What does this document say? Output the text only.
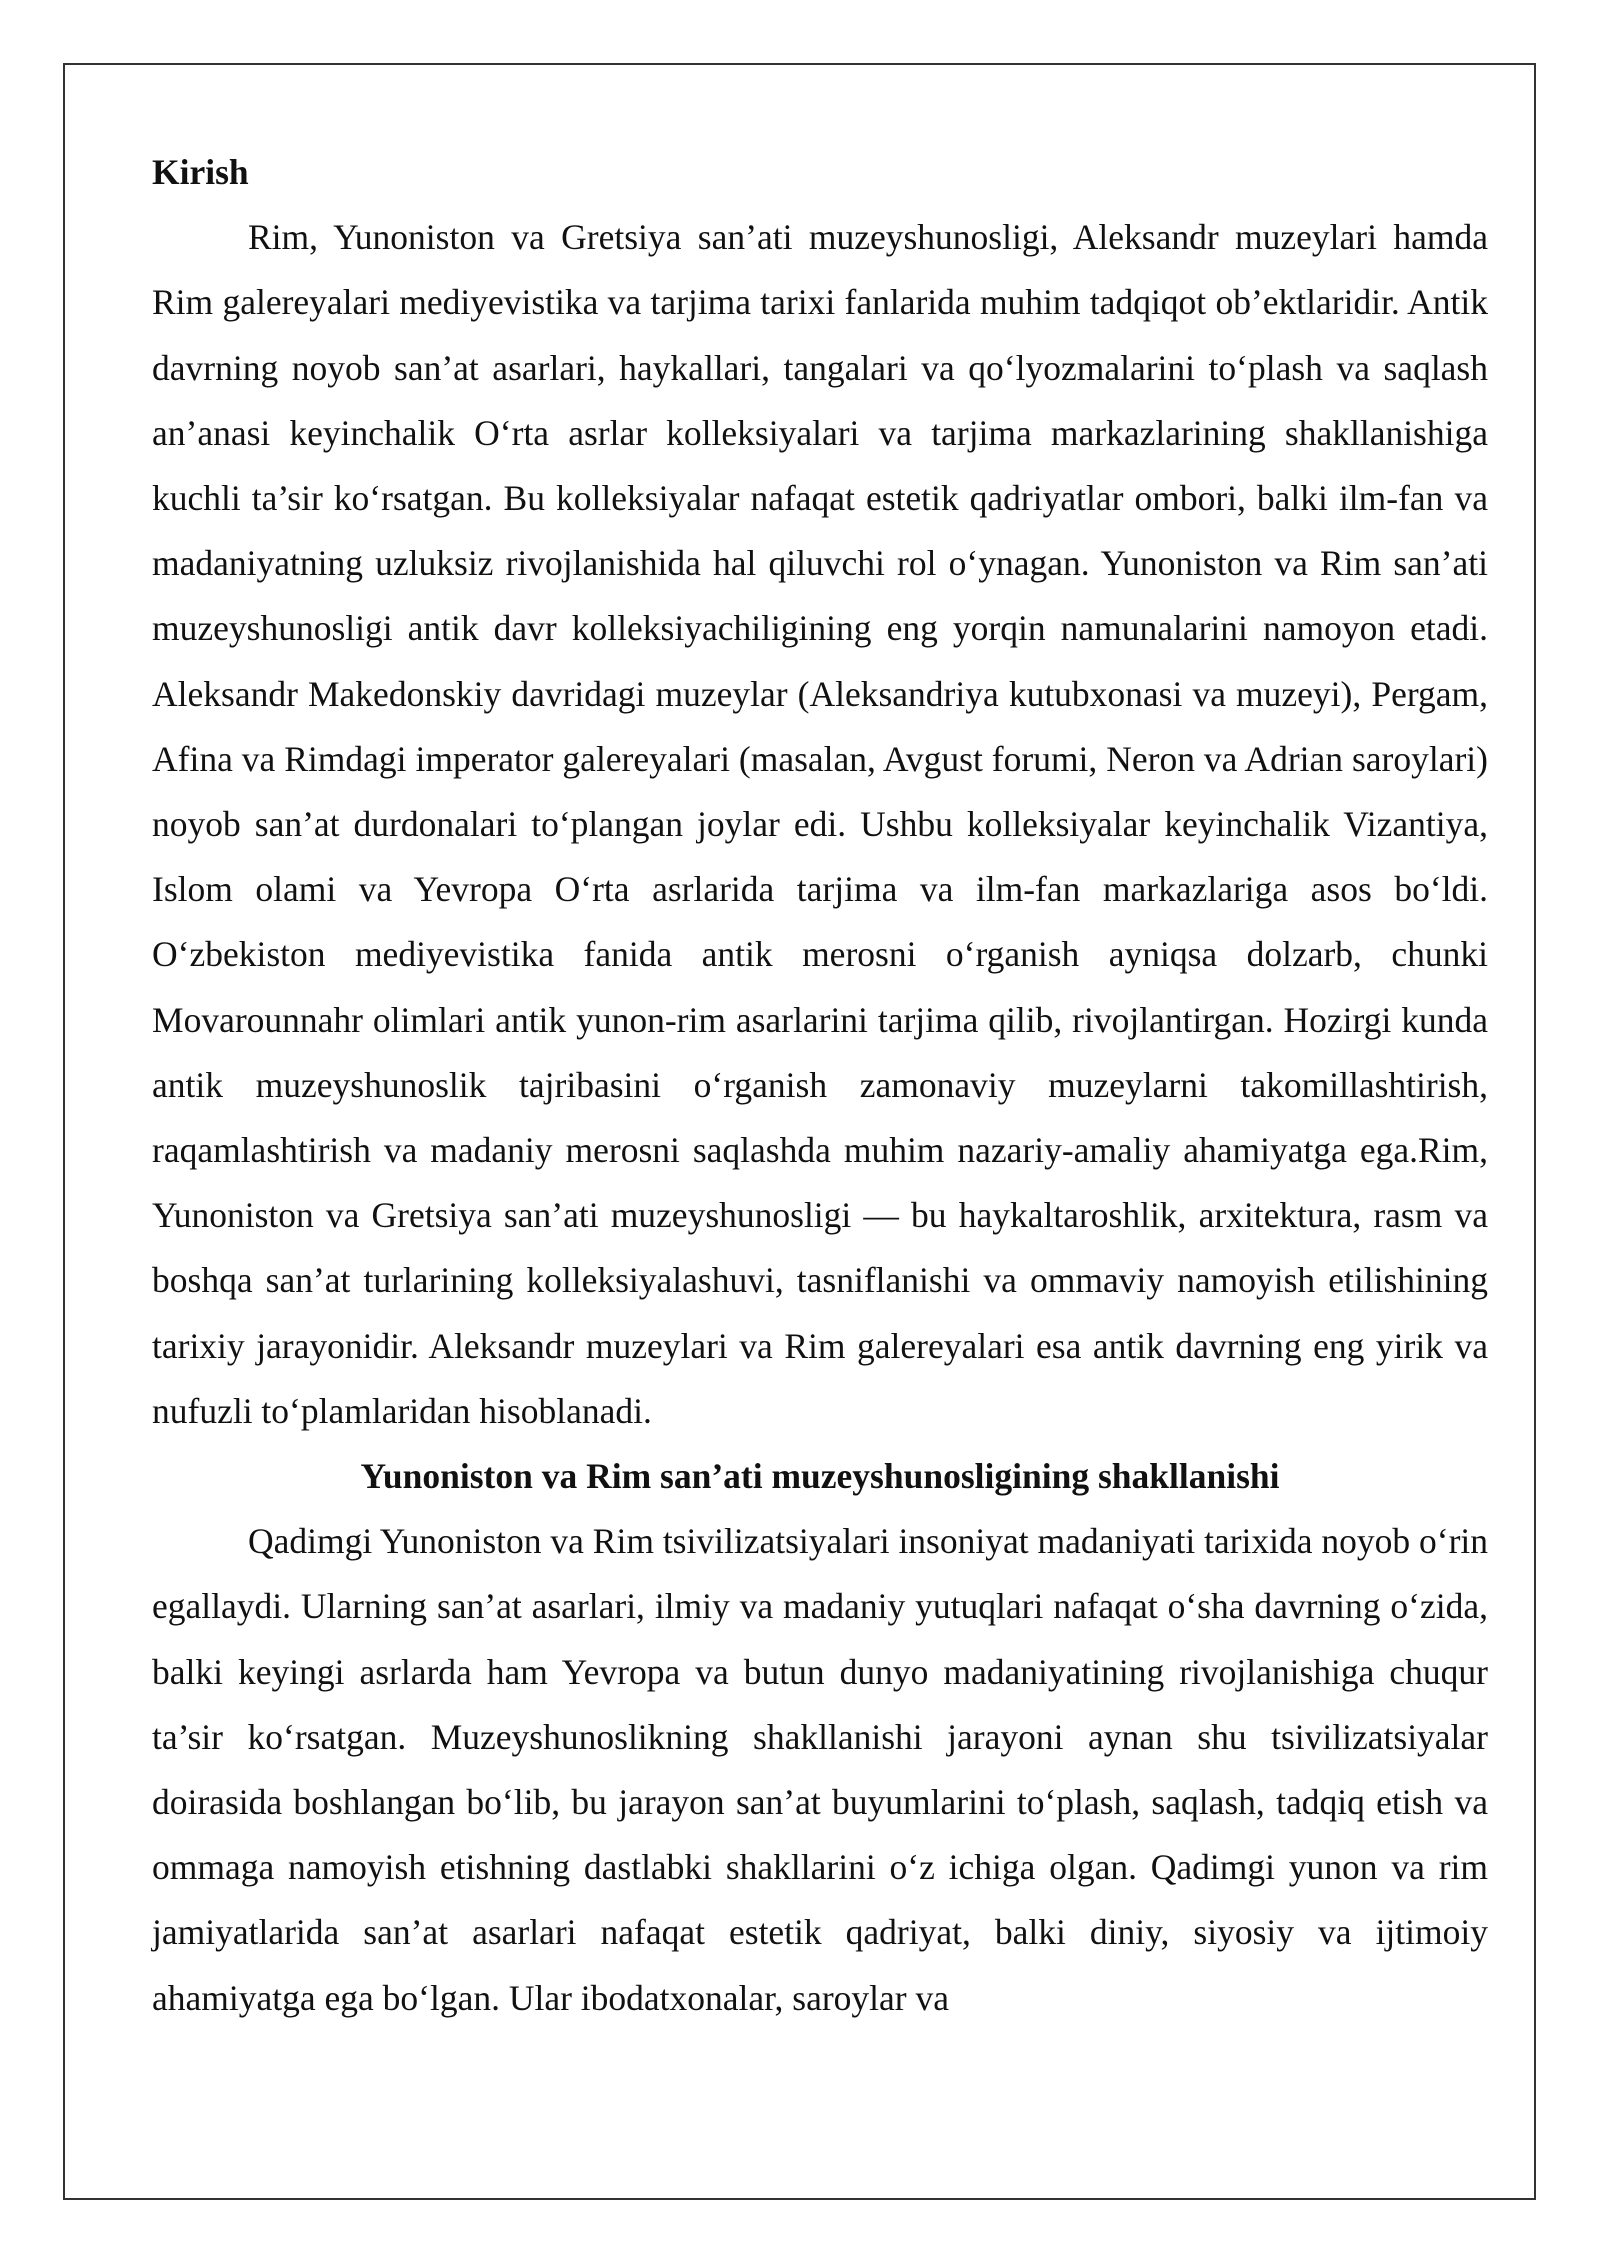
Kirish

Rim, Yunoniston va Gretsiya san’ati muzeyshunosligi, Aleksandr muzeylari hamda Rim galereyalari mediyevistika va tarjima tarixi fanlarida muhim tadqiqot ob’ektlaridir. Antik davrning noyob san’at asarlari, haykallari, tangalari va qo‘lyozmalarini to‘plash va saqlash an’anasi keyinchalik O‘rta asrlar kolleksiyalari va tarjima markazlarining shakllanishiga kuchli ta’sir ko‘rsatgan. Bu kolleksiyalar nafaqat estetik qadriyatlar ombori, balki ilm-fan va madaniyatning uzluksiz rivojlanishida hal qiluvchi rol o‘ynagan. Yunoniston va Rim san’ati muzeyshunosligi antik davr kolleksiyachiligining eng yorqin namunalarini namoyon etadi. Aleksandr Makedonskiy davridagi muzeylar (Aleksandriya kutubxonasi va muzeyi), Pergam, Afina va Rimdagi imperator galereyalari (masalan, Avgust forumi, Neron va Adrian saroylari) noyob san’at durdonalari to‘plangan joylar edi. Ushbu kolleksiyalar keyinchalik Vizantiya, Islom olami va Yevropa O‘rta asrlarida tarjima va ilm-fan markazlariga asos bo‘ldi. O‘zbekiston mediyevistika fanida antik merosni o‘rganish ayniqsa dolzarb, chunki Movarounnahr olimlari antik yunon-rim asarlarini tarjima qilib, rivojlantirgan. Hozirgi kunda antik muzeyshunoslik tajribasini o‘rganish zamonaviy muzeylarni takomillashtirish, raqamlashtirish va madaniy merosni saqlashda muhim nazariy-amaliy ahamiyatga ega.Rim, Yunoniston va Gretsiya san’ati muzeyshunosligi — bu haykaltaroshlik, arxitektura, rasm va boshqa san’at turlarining kolleksiyalashuvi, tasniflanishi va ommaviy namoyish etilishining tarixiy jarayonidir. Aleksandr muzeylari va Rim galereyalari esa antik davrning eng yirik va nufuzli to‘plamlaridan hisoblanadi.

Yunoniston va Rim san’ati muzeyshunosligining shakllanishi

Qadimgi Yunoniston va Rim tsivilizatsiyalari insoniyat madaniyati tarixida noyob o‘rin egallaydi. Ularning san’at asarlari, ilmiy va madaniy yutuqlari nafaqat o‘sha davrning o‘zida, balki keyingi asrlarda ham Yevropa va butun dunyo madaniyatining rivojlanishiga chuqur ta’sir ko‘rsatgan. Muzeyshunoslikning shakllanishi jarayoni aynan shu tsivilizatsiyalar doirasida boshlangan bo‘lib, bu jarayon san’at buyumlarini to‘plash, saqlash, tadqiq etish va ommaga namoyish etishning dastlabki shakllarini o‘z ichiga olgan. Qadimgi yunon va rim jamiyatlarida san’at asarlari nafaqat estetik qadriyat, balki diniy, siyosiy va ijtimoiy ahamiyatga ega bo‘lgan. Ular ibodatxonalar, saroylar va
